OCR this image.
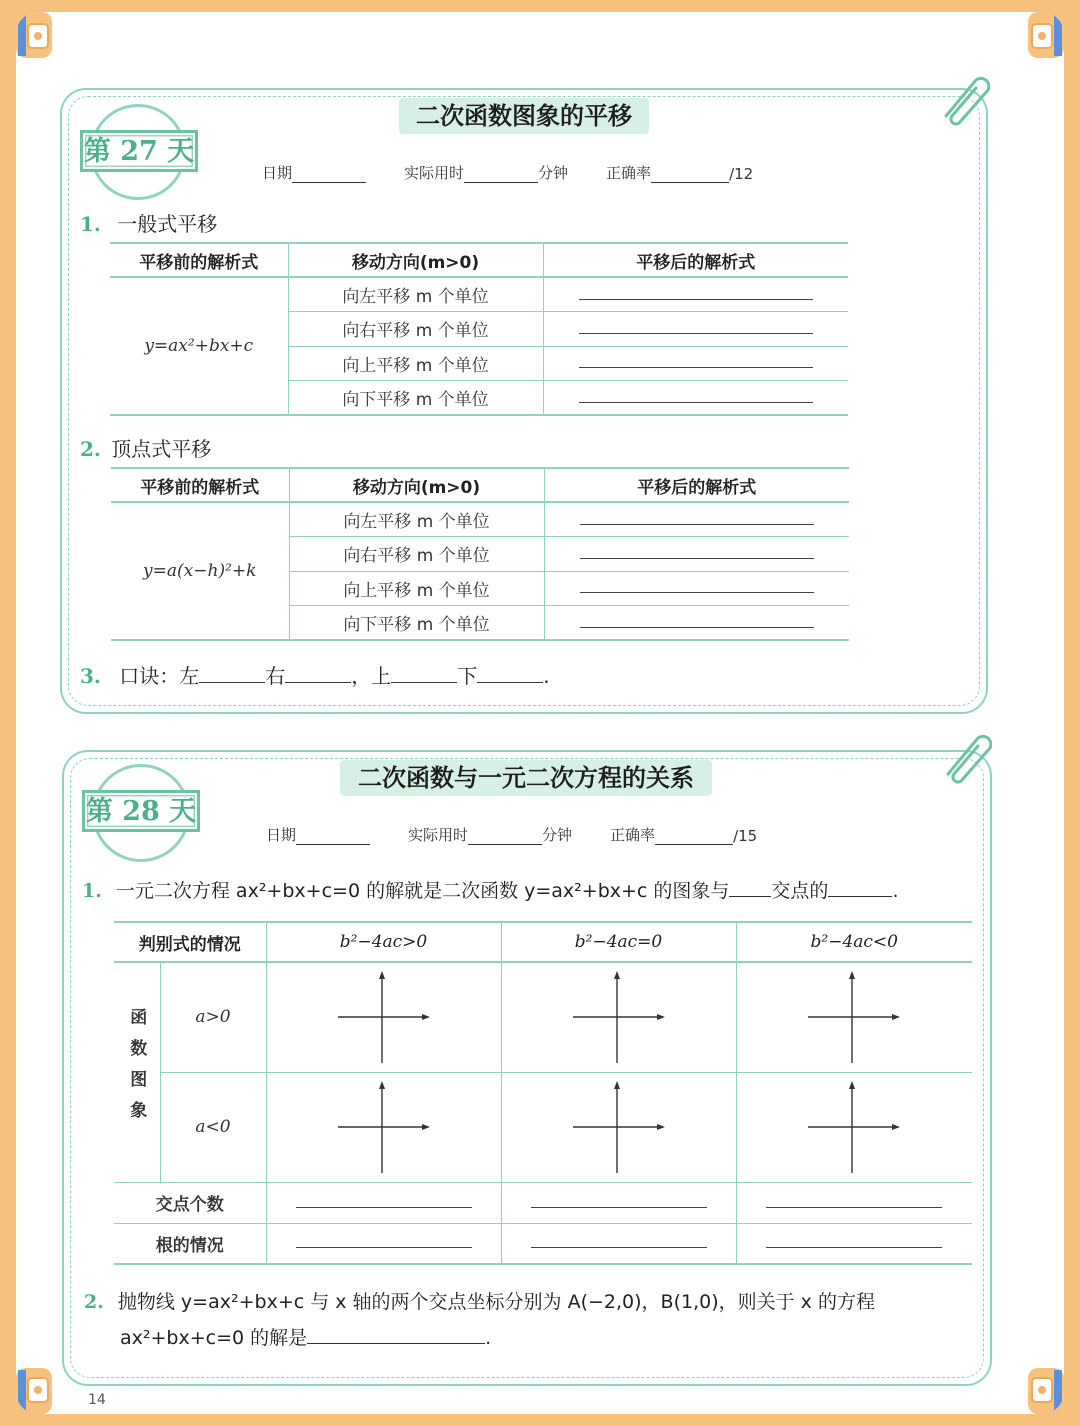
二次函数图象的平移
第 27 天
日期	实际用时	分钟	正确率	/12
1. 一般式平移
平移前的解析式	移动方向(m>0)	平移后的解析式
y=ax²+bx+c	向左平移 m 个单位	
	向右平移 m 个单位	
	向上平移 m 个单位	
	向下平移 m 个单位	
2. 顶点式平移
平移前的解析式	移动方向(m>0)	平移后的解析式
y=a(x−h)²+k	向左平移 m 个单位	
	向右平移 m 个单位	
	向上平移 m 个单位	
	向下平移 m 个单位	
3. 口诀：左	右	，上	下	.
二次函数与一元二次方程的关系
第 28 天
日期	实际用时	分钟	正确率	/15
1. 一元二次方程 ax²+bx+c=0 的解就是二次函数 y=ax²+bx+c 的图象与 交点的	.
判别式的情况		b²−4ac>0	b²−4ac=0	b²−4ac<0
函数图象	a>0	

	a<0	

交点个数				
根的情况				
2. 抛物线 y=ax²+bx+c 与 x 轴的两个交点坐标分别为 A(−2,0)，B(1,0)，则关于 x 的方程
ax²+bx+c=0 的解是	.
14
